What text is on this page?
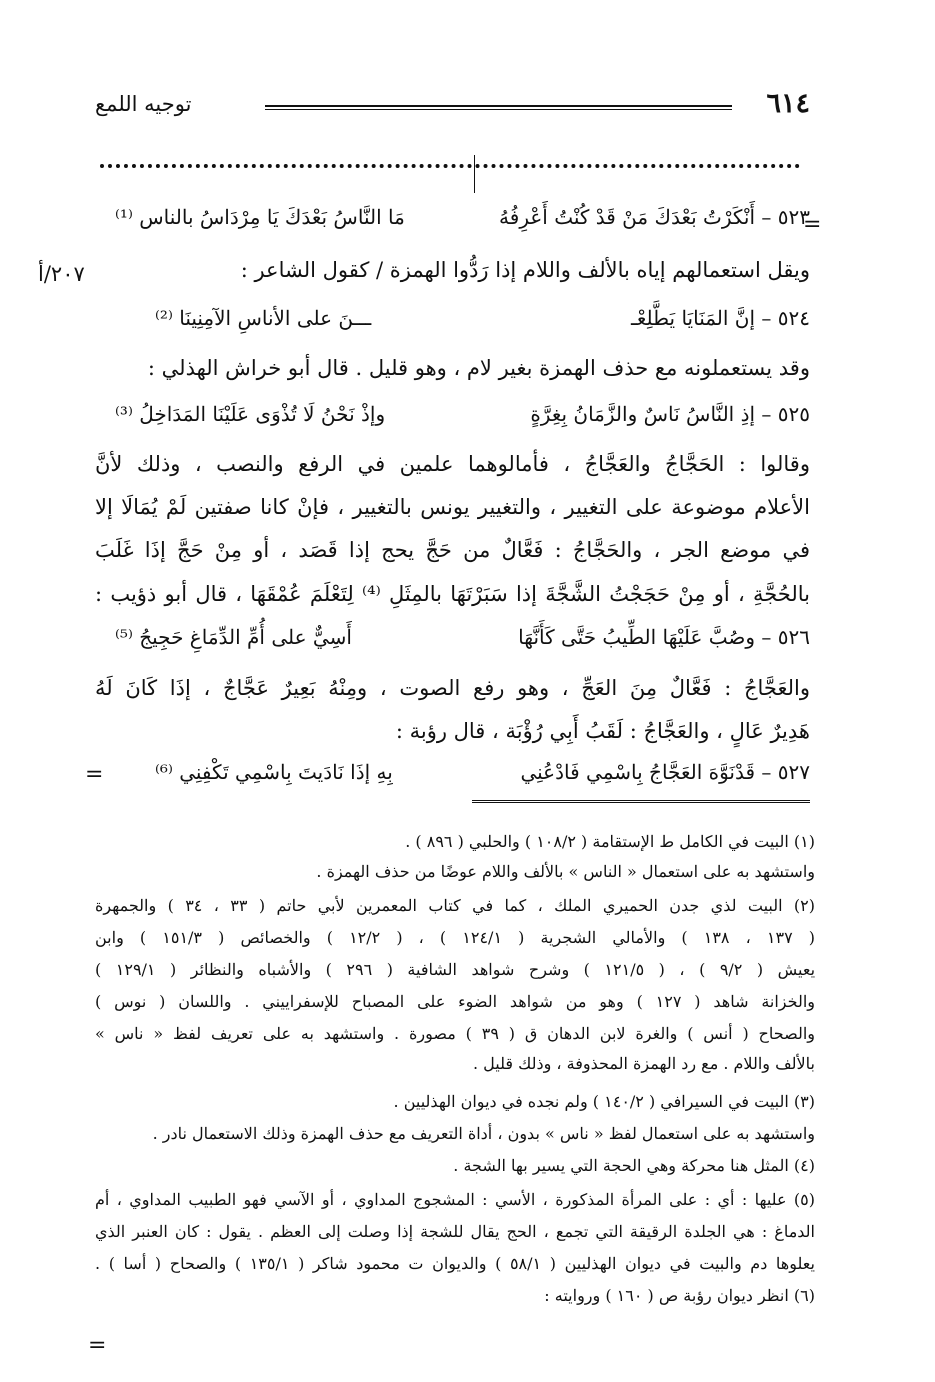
٦١٤
توجيه اللمع
=
٢٠٧/أ
=
=
٥٢٣ – أَنْكَرْتُ بَعْدَكَ مَنْ قَدْ كُنْتُ أَعْرِفُهُ
مَا النَّاسُ بَعْدَكَ يَا مِرْدَاسُ بالناس ⁽¹⁾
ويقل استعمالهم إياه بالألف واللام إذا رَدُّوا الهمزة / كقول الشاعر :
٥٢٤ – إنَّ المَنَايَا يَطَّلِعْـ
ـــنَ على الأناسِ الآمِنِينَا ⁽²⁾
وقد يستعملونه مع حذف الهمزة بغير لام ، وهو قليل . قال أبو خراش الهذلي :
٥٢٥ – إذِ النَّاسُ نَاسٌ والزَّمَانُ بِغِرَّةٍ
وإذْ نَحْنُ لَا تُذْوَى عَلَيْنَا المَدَاخِلُ ⁽³⁾
وقالوا : الحَجَّاجُ والعَجَّاجُ ، فأمالوهما علمين في الرفع والنصب ، وذلك لأنَّ
الأعلام موضوعة على التغيير ، والتغيير يونس بالتغيير ، فإنْ كانا صفتين لَمْ يُمَالَا إلا
في موضع الجر ، والحَجَّاجُ : فَعَّالٌ من حَجَّ يحج إذا قَصَد ، أو مِنْ حَجَّ إذَا غَلَبَ
بالحُجَّةِ ، أو مِنْ حَجَجْتُ الشَّجَّةَ إذا سَبَرْتَهَا بالمِثَلِ ⁽⁴⁾ لِتَعْلَمَ عُمْقَهَا ، قال أبو ذؤيب :
٥٢٦ – وصُبَّ عَلَيْهَا الطِّيبُ حَتَّى كَأَنَّهَا
أَسِيٌّ على أُمِّ الدِّمَاغِ حَجِيجُ ⁽⁵⁾
والعَجَّاجُ : فَعَّالٌ مِنَ العَجِّ ، وهو رفع الصوت ، ومِنْهُ بَعِيرٌ عَجَّاجٌ ، إذَا كَانَ لَهُ
هَدِيرٌ عَالٍ ، والعَجَّاجُ : لَقَبُ أَبِي رُؤْبَة ، قال رؤبة :
٥٢٧ – قَدْنَوَّهَ العَجَّاجُ بِاسْمِي فَادْعُنِي
بِهِ إذَا نَادَيتَ بِاسْمِي تَكْفِنِي ⁽⁶⁾
(١) البيت في الكامل ط الإستقامة ( ١٠٨/٢ ) والحلبي ( ٨٩٦ ) .
واستشهد به على استعمال « الناس » بالألف واللام عوضًا من حذف الهمزة .
(٢) البيت لذي جدن الحميري الملك ، كما في كتاب المعمرين لأبي حاتم ( ٣٣ ، ٣٤ ) والجمهرة
( ١٣٧ ، ١٣٨ ) والأمالي الشجرية ( ١٢٤/١ ) ، ( ١٢/٢ ) والخصائص ( ١٥١/٣ ) وابن
يعيش ( ٩/٢ ) ، ( ١٢١/٥ ) وشرح شواهد الشافية ( ٢٩٦ ) والأشباه والنظائر ( ١٢٩/١ )
والخزانة شاهد ( ١٢٧ ) وهو من شواهد الضوء على المصباح للإسفراييني . واللسان ( نوس )
والصحاح ( أنس ) والغرة لابن الدهان ق ( ٣٩ ) مصورة . واستشهد به على تعريف لفظ « ناس »
بالألف واللام . مع رد الهمزة المحذوفة ، وذلك قليل .
(٣) البيت في السيرافي ( ١٤٠/٢ ) ولم نجده في ديوان الهذليين .
واستشهد به على استعمال لفظ « ناس » بدون ، أداة التعريف مع حذف الهمزة وذلك الاستعمال نادر .
(٤) المثل هنا محركة وهي الحجة التي يسير بها الشجة .
(٥) عليها : أي : على المرأة المذكورة ، الأسي : المشجوج المداوي ، أو الآسي فهو الطبيب المداوي ، أم
الدماغ : هي الجلدة الرقيقة التي تجمع ، الحج يقال للشجة إذا وصلت إلى العظم . يقول : كان العنبر الذي
يعلوها دم والبيت في ديوان الهذليين ( ٥٨/١ ) والديوان ت محمود شاكر ( ١٣٥/١ ) والصحاح ( أسا ) .
(٦) انظر ديوان رؤبة ص ( ١٦٠ ) وروايته :
